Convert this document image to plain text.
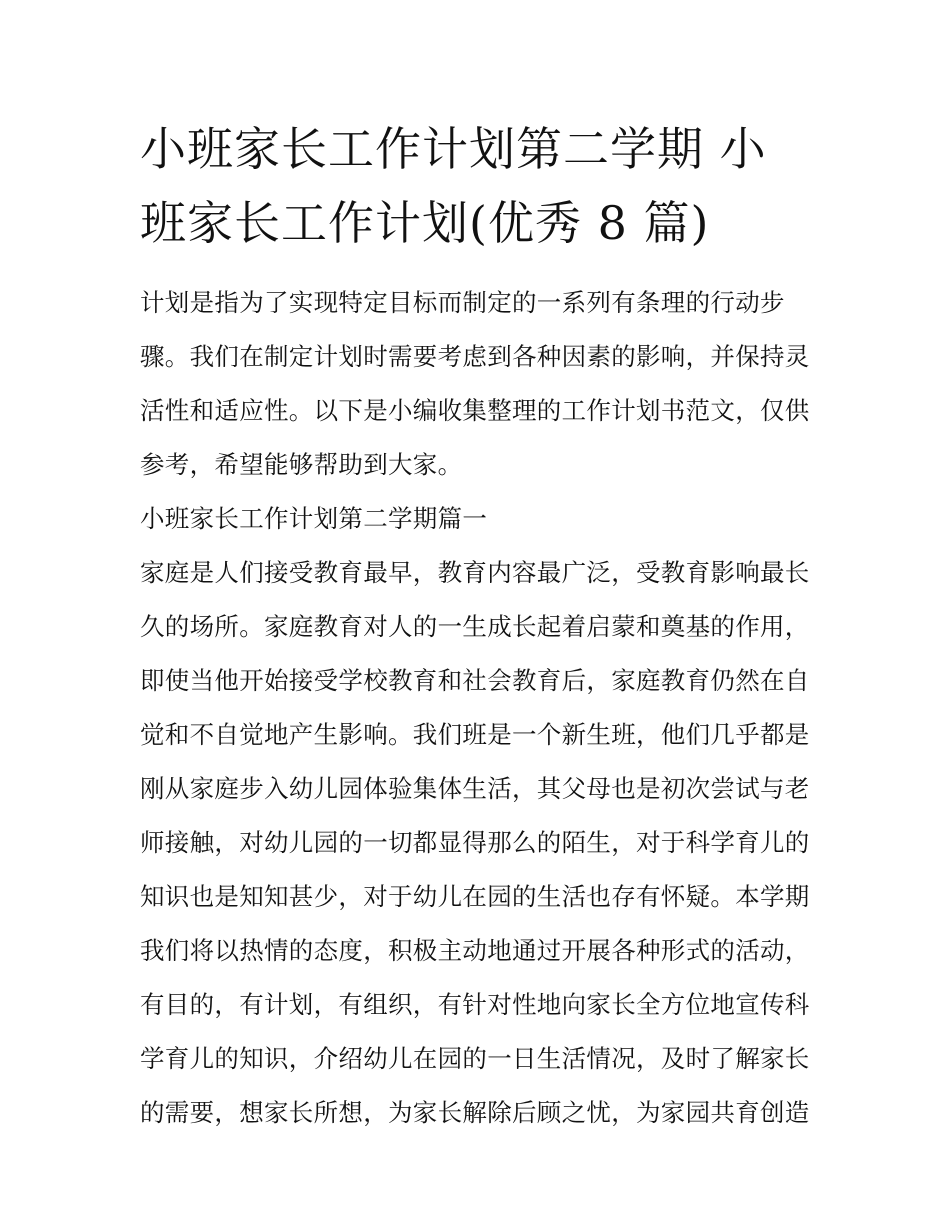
小班家长工作计划第二学期 小
班家长工作计划(优秀 8 篇)
计划是指为了实现特定目标而制定的一系列有条理的行动步
骤。我们在制定计划时需要考虑到各种因素的影响，并保持灵
活性和适应性。以下是小编收集整理的工作计划书范文，仅供
参考，希望能够帮助到大家。
小班家长工作计划第二学期篇一
家庭是人们接受教育最早，教育内容最广泛，受教育影响最长
久的场所。家庭教育对人的一生成长起着启蒙和奠基的作用，
即使当他开始接受学校教育和社会教育后，家庭教育仍然在自
觉和不自觉地产生影响。我们班是一个新生班，他们几乎都是
刚从家庭步入幼儿园体验集体生活，其父母也是初次尝试与老
师接触，对幼儿园的一切都显得那么的陌生，对于科学育儿的
知识也是知知甚少，对于幼儿在园的生活也存有怀疑。本学期
我们将以热情的态度，积极主动地通过开展各种形式的活动，
有目的，有计划，有组织，有针对性地向家长全方位地宣传科
学育儿的知识，介绍幼儿在园的一日生活情况，及时了解家长
的需要，想家长所想，为家长解除后顾之忧，为家园共育创造
